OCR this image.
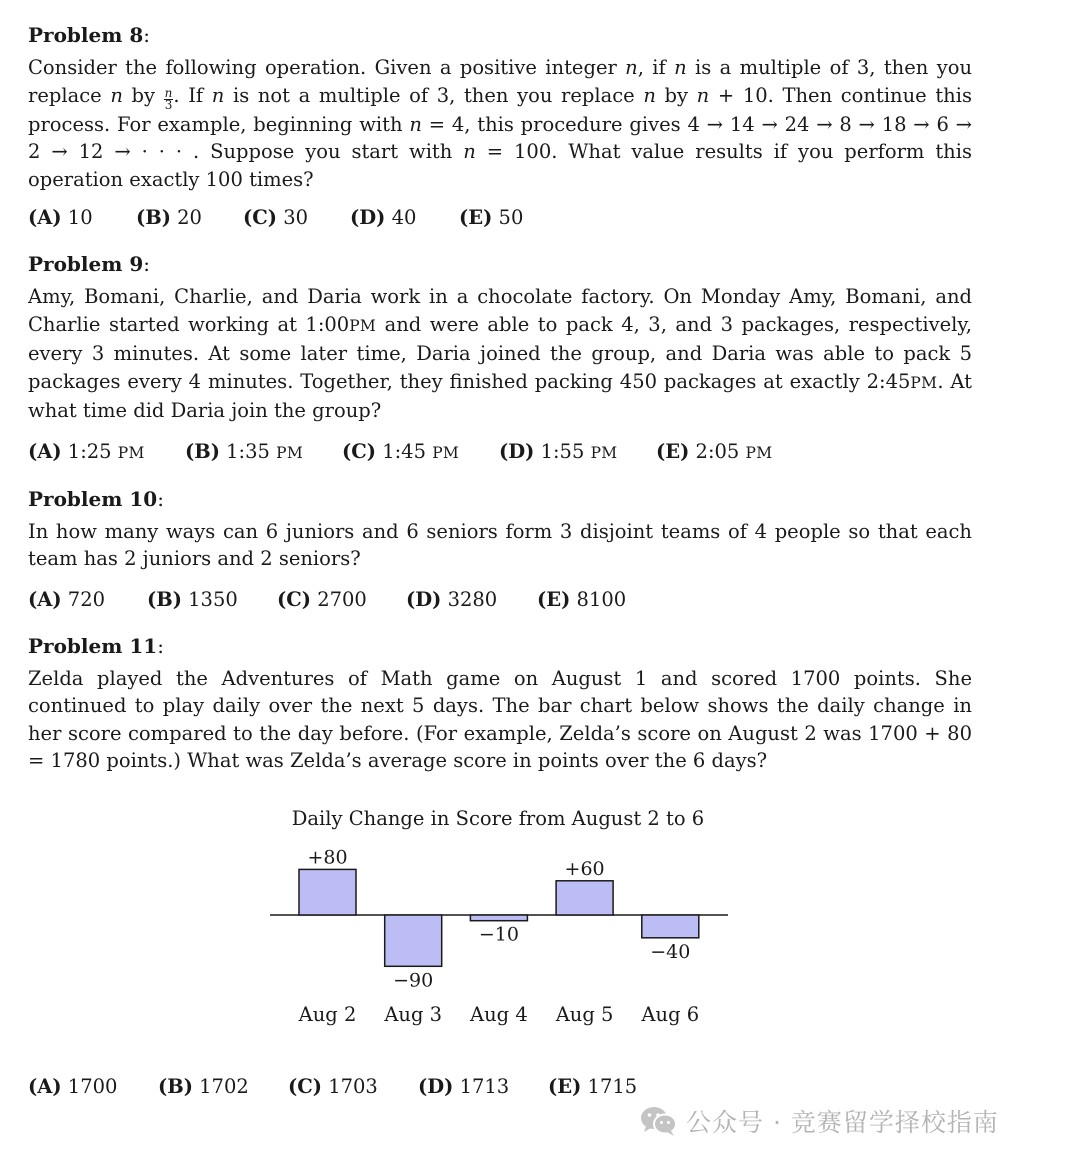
Problem 8:

Consider the following operation. Given a positive integer n, if n is a multiple of 3, then you replace n by $\frac{n}{3}$ . If n is not a multiple of 3, then you replace n by n + 10. Then continue this process. For example, beginning with n = 4, this procedure gives 4 → 14 → 24 → 8 → 18 → 6 → 2 → 12 → · · · . Suppose you start with n = 100. What value results if you perform this operation exactly 100 times?

(A) 10	(B) 20	(C) 30	(D) 40	(E) 50
Problem 9:

Amy, Bomani, Charlie, and Daria work in a chocolate factory. On Monday Amy, Bomani, and Charlie started working at 1:00PM and were able to pack 4, 3, and 3 packages, respectively, every 3 minutes. At some later time, Daria joined the group, and Daria was able to pack 5 packages every 4 minutes. Together, they finished packing 450 packages at exactly 2:45PM. At what time did Daria join the group?

(A) 1:25 PM	(B) 1:35 PM	(C) 1:45 PM	(D) 1:55 PM	(E) 2:05 PM
Problem 10:

In how many ways can 6 juniors and 6 seniors form 3 disjoint teams of 4 people so that each team has 2 juniors and 2 seniors?

(A) 720	(B) 1350	(C) 2700	(D) 3280	(E) 8100
Problem 11:

Zelda played the Adventures of Math game on August 1 and scored 1700 points. She continued to play daily over the next 5 days. The bar chart below shows the daily change in her score compared to the day before. (For example, Zelda’s score on August 2 was 1700 + 80 = 1780 points.) What was Zelda’s average score in points over the 6 days?

Daily Change in Score from August 2 to 6
+80
Aug 2
−90
Aug 3
−10
Aug 4
+60
Aug 5
−40
Aug 6
(A) 1700	(B) 1702	(C) 1703	(D) 1713	(E) 1715
公众号 · 竞赛留学择校指南
